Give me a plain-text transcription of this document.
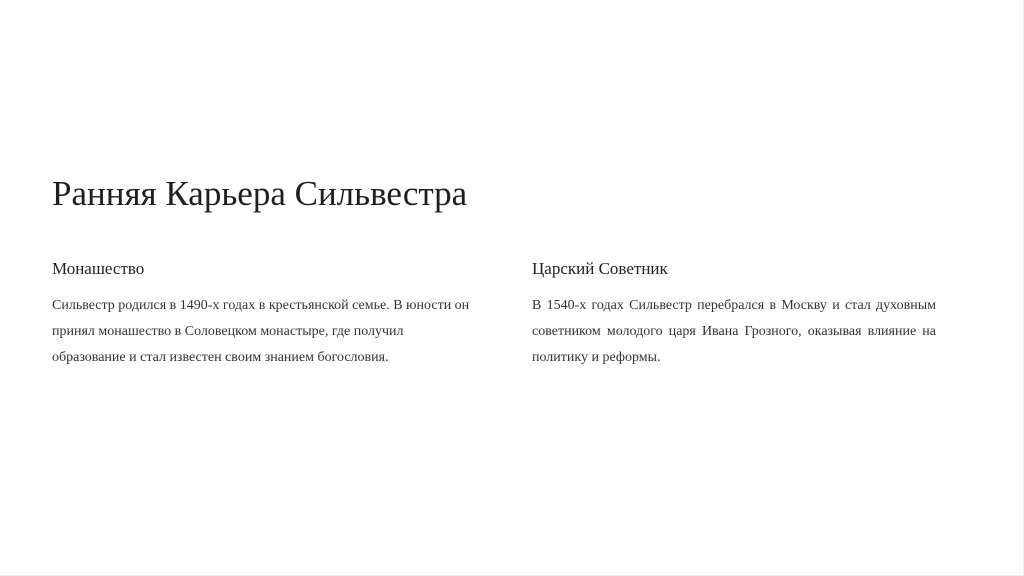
Ранняя Карьера Сильвестра
Монашество

Сильвестр родился в 1490-х годах в крестьянской семье. В юности он принял монашество в Соловецком монастыре, где получил образование и стал известен своим знанием богословия.

Царский Советник

В 1540-х годах Сильвестр перебрался в Москву и стал духовным советником молодого царя Ивана Грозного, оказывая влияние на политику и реформы.
